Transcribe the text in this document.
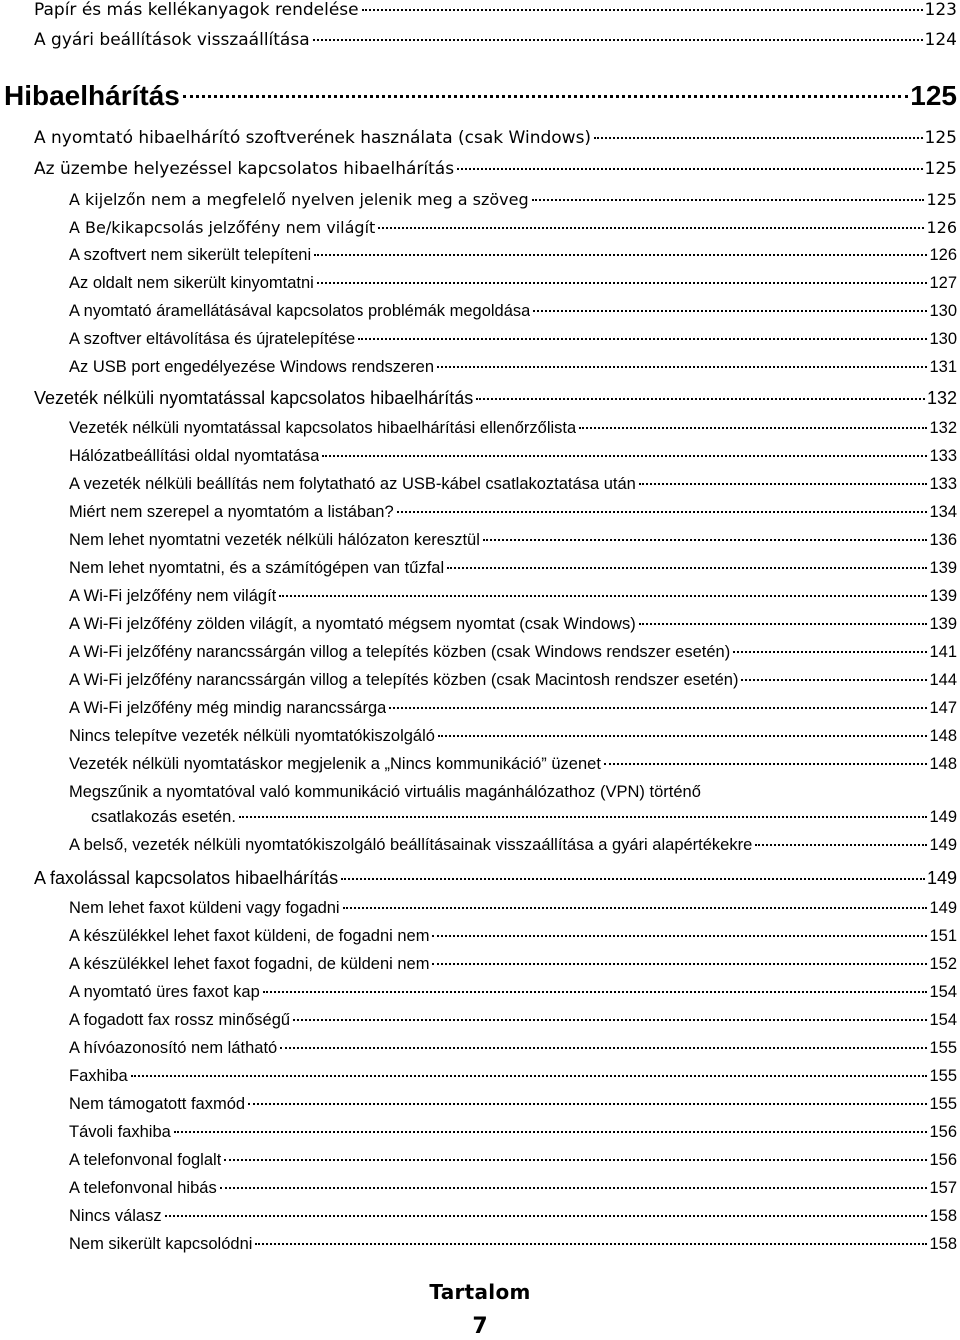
Papír és más kellékanyagok rendelése	123
A gyári beállítások visszaállítása	124
Hibaelhárítás	125
A nyomtató hibaelhárító szoftverének használata (csak Windows)	125
Az üzembe helyezéssel kapcsolatos hibaelhárítás	125
A kijelzőn nem a megfelelő nyelven jelenik meg a szöveg	125
A Be/kikapcsolás jelzőfény nem világít	126
A szoftvert nem sikerült telepíteni	126
Az oldalt nem sikerült kinyomtatni	127
A nyomtató áramellátásával kapcsolatos problémák megoldása	130
A szoftver eltávolítása és újratelepítése	130
Az USB port engedélyezése Windows rendszeren	131
Vezeték nélküli nyomtatással kapcsolatos hibaelhárítás	132
Vezeték nélküli nyomtatással kapcsolatos hibaelhárítási ellenőrzőlista	132
Hálózatbeállítási oldal nyomtatása	133
A vezeték nélküli beállítás nem folytatható az USB-kábel csatlakoztatása után	133
Miért nem szerepel a nyomtatóm a listában?	134
Nem lehet nyomtatni vezeték nélküli hálózaton keresztül	136
Nem lehet nyomtatni, és a számítógépen van tűzfal	139
A Wi-Fi jelzőfény nem világít	139
A Wi-Fi jelzőfény zölden világít, a nyomtató mégsem nyomtat (csak Windows)	139
A Wi-Fi jelzőfény narancssárgán villog a telepítés közben (csak Windows rendszer esetén)	141
A Wi-Fi jelzőfény narancssárgán villog a telepítés közben (csak Macintosh rendszer esetén)	144
A Wi-Fi jelzőfény még mindig narancssárga	147
Nincs telepítve vezeték nélküli nyomtatókiszolgáló	148
Vezeték nélküli nyomtatáskor megjelenik a „Nincs kommunikáció” üzenet	148
Megszűnik a nyomtatóval való kommunikáció virtuális magánhálózathoz (VPN) történő
csatlakozás esetén.	149
A belső, vezeték nélküli nyomtatókiszolgáló beállításainak visszaállítása a gyári alapértékekre	149
A faxolással kapcsolatos hibaelhárítás	149
Nem lehet faxot küldeni vagy fogadni	149
A készülékkel lehet faxot küldeni, de fogadni nem	151
A készülékkel lehet faxot fogadni, de küldeni nem	152
A nyomtató üres faxot kap	154
A fogadott fax rossz minőségű	154
A hívóazonosító nem látható	155
Faxhiba	155
Nem támogatott faxmód	155
Távoli faxhiba	156
A telefonvonal foglalt	156
A telefonvonal hibás	157
Nincs válasz	158
Nem sikerült kapcsolódni	158
Tartalom
7
